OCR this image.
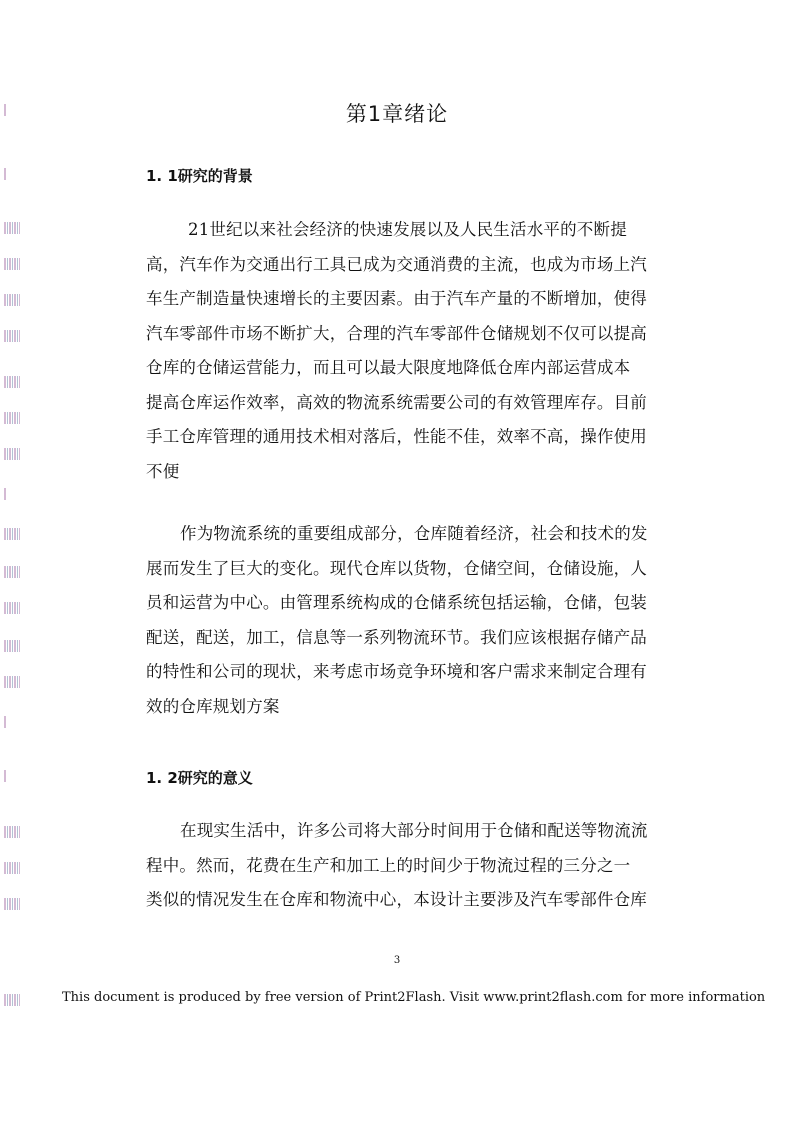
第1章绪论
1. 1研究的背景
21世纪以来社会经济的快速发展以及人民生活水平的不断提
高，汽车作为交通出行工具已成为交通消费的主流，也成为市场上汽
车生产制造量快速增长的主要因素。由于汽车产量的不断增加，使得
汽车零部件市场不断扩大，合理的汽车零部件仓储规划不仅可以提高
仓库的仓储运营能力，而且可以最大限度地降低仓库内部运营成本
提高仓库运作效率，高效的物流系统需要公司的有效管理库存。目前
手工仓库管理的通用技术相对落后，性能不佳，效率不高，操作使用
不便
作为物流系统的重要组成部分，仓库随着经济，社会和技术的发
展而发生了巨大的变化。现代仓库以货物，仓储空间，仓储设施，人
员和运营为中心。由管理系统构成的仓储系统包括运输，仓储，包装
配送，配送，加工，信息等一系列物流环节。我们应该根据存储产品
的特性和公司的现状，来考虑市场竞争环境和客户需求来制定合理有
效的仓库规划方案
1. 2研究的意义
在现实生活中，许多公司将大部分时间用于仓储和配送等物流流
程中。然而，花费在生产和加工上的时间少于物流过程的三分之一
类似的情况发生在仓库和物流中心，本设计主要涉及汽车零部件仓库
3
This document is produced by free version of Print2Flash. Visit www.print2flash.com for more information
